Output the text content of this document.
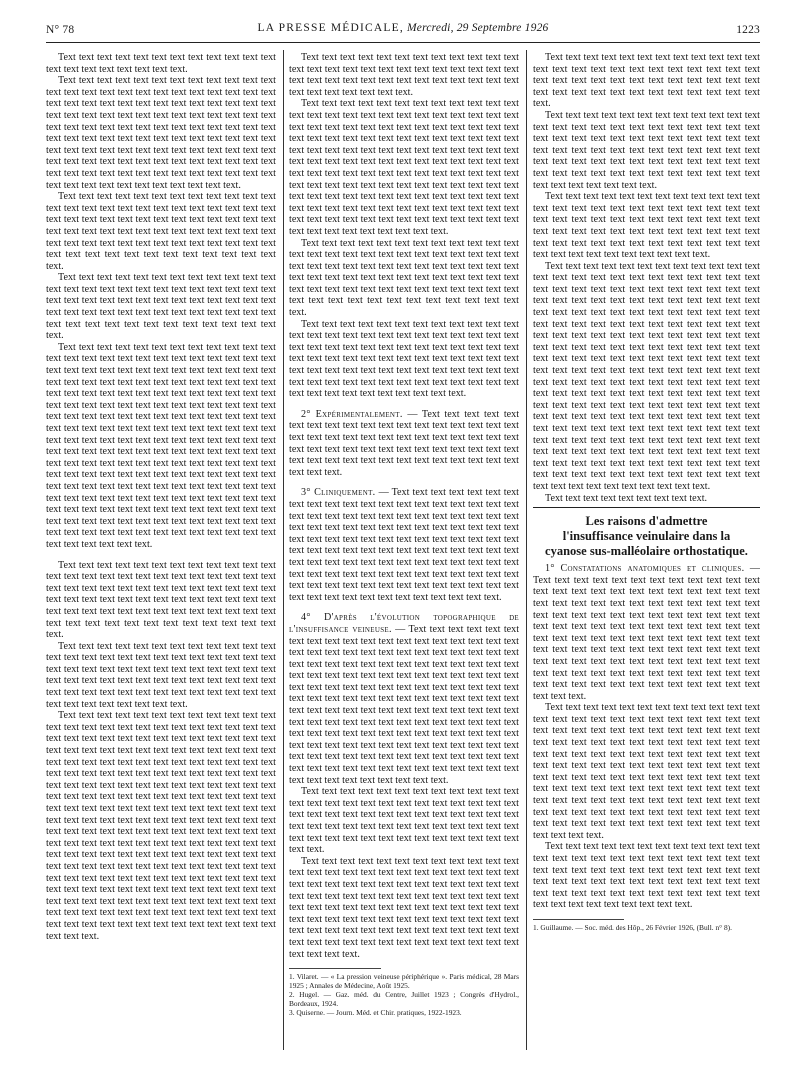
N° 78	LA PRESSE MÉDICALE, Mercredi, 29 Septembre 1926	1223

Text text text text text text text text text text text text text text text text text text text text.

Text text text text text text text text text text text text text text text text text text text text text text text text text text text text text text text text text text text text text text text text text text text text text text text text text text text text text text text text text text text text text text text text text text text text text text text text text text text text text text text text text text text text text text text text text text text text text text text text text text text text text text text text text text text text text text text text text text text text text text text text text text text text text text text.

Text text text text text text text text text text text text text text text text text text text text text text text text text text text text text text text text text text text text text text text text text text text text text text text text text text text text text text text text text text text text text text text text text text text text text text text text text text text text text.

Text text text text text text text text text text text text text text text text text text text text text text text text text text text text text text text text text text text text text text text text text text text text text text text text text text text text text text text text text text text text text text text text.

Text text text text text text text text text text text text text text text text text text text text text text text text text text text text text text text text text text text text text text text text text text text text text text text text text text text text text text text text text text text text text text text text text text text text text text text text text text text text text text text text text text text text text text text text text text text text text text text text text text text text text text text text text text text text text text text text text text text text text text text text text text text text text text text text text text text text text text text text text text text text text text text text text text text text text text text text text text text text text text text text text text text text text text text text text text text text text text text text text text text text text text text text text text text text text text text text text text text text text text text text text text text text text text text text text text text text text text text text text text text text text text text text text text.

Text text text text text text text text text text text text text text text text text text text text text text text text text text text text text text text text text text text text text text text text text text text text text text text text text text text text text text text text text text text text text text text text text text text text text text text text text text text text text.

Text text text text text text text text text text text text text text text text text text text text text text text text text text text text text text text text text text text text text text text text text text text text text text text text text text text text text text text text text text text text text text text text text text text text text text text text.

Text text text text text text text text text text text text text text text text text text text text text text text text text text text text text text text text text text text text text text text text text text text text text text text text text text text text text text text text text text text text text text text text text text text text text text text text text text text text text text text text text text text text text text text text text text text text text text text text text text text text text text text text text text text text text text text text text text text text text text text text text text text text text text text text text text text text text text text text text text text text text text text text text text text text text text text text text text text text text text text text text text text text text text text text text text text text text text text text text text text text text text text text text text text text text text text text text text text text text text text text text text text text text text text text text text text text text text text text text text text text text text text text text text text text text text text text text text text text text text text text text text text text text text text text text.

Text text text text text text text text text text text text text text text text text text text text text text text text text text text text text text text text text text text text text text text text text text text text text.

Text text text text text text text text text text text text text text text text text text text text text text text text text text text text text text text text text text text text text text text text text text text text text text text text text text text text text text text text text text text text text text text text text text text text text text text text text text text text text text text text text text text text text text text text text text text text text text text text text text text text text text text text text text text text text text text text text text text text text text text text text text text text text text text text text text text text text text text text text text text text text text text text text text text text text text text.

Text text text text text text text text text text text text text text text text text text text text text text text text text text text text text text text text text text text text text text text text text text text text text text text text text text text text text text text text text text text text text text text text text text text text text text text text text text text text text.

Text text text text text text text text text text text text text text text text text text text text text text text text text text text text text text text text text text text text text text text text text text text text text text text text text text text text text text text text text text text text text text text text text text text text text text text text text text text text text text text text text text text text text text text.

2° Expérimentalement. — Text text text text text text text text text text text text text text text text text text text text text text text text text text text text text text text text text text text text text text text text text text text text text text text text text text text text text text text text text text text text.

3° Cliniquement. — Text text text text text text text text text text text text text text text text text text text text text text text text text text text text text text text text text text text text text text text text text text text text text text text text text text text text text text text text text text text text text text text text text text text text text text text text text text text text text text text text text text text text text text text text text text text text text text text text text text text text text text text text text text text text text text text text text text text text text text text text text text text.

4° D'après l'évolution topographique de l'insuffisance veineuse. — Text text text text text text text text text text text text text text text text text text text text text text text text text text text text text text text text text text text text text text text text text text text text text text text text text text text text text text text text text text text text text text text text text text text text text text text text text text text text text text text text text text text text text text text text text text text text text text text text text text text text text text text text text text text text text text text text text text text text text text text text text text text text text text text text text text text text text text text text text text text text text text text text text text text text text text text text text text text text text text text text text text text text text text text text text text text.

Text text text text text text text text text text text text text text text text text text text text text text text text text text text text text text text text text text text text text text text text text text text text text text text text text text text text text text text text text text text text text text text text text text.

Text text text text text text text text text text text text text text text text text text text text text text text text text text text text text text text text text text text text text text text text text text text text text text text text text text text text text text text text text text text text text text text text text text text text text text text text text text text text text text text text text text text text text text text text text text text text text text text text text text text text text text text text text text text.

1. Vilaret. — « La pression veineuse périphérique ». Paris médical, 28 Mars 1925 ; Annales de Médecine, Août 1925.

2. Hugel. — Gaz. méd. du Centre, Juillet 1923 ; Congrès d'Hydrol., Bordeaux, 1924.

3. Quiserne. — Journ. Méd. et Chir. pratiques, 1922-1923.

Text text text text text text text text text text text text text text text text text text text text text text text text text text text text text text text text text text text text text text text text text text text text text text text text text.

Text text text text text text text text text text text text text text text text text text text text text text text text text text text text text text text text text text text text text text text text text text text text text text text text text text text text text text text text text text text text text text text text text text text text text text text text text text text text text text text.

Text text text text text text text text text text text text text text text text text text text text text text text text text text text text text text text text text text text text text text text text text text text text text text text text text text text text text text text text text text text text text text text text text text text text text text.

Text text text text text text text text text text text text text text text text text text text text text text text text text text text text text text text text text text text text text text text text text text text text text text text text text text text text text text text text text text text text text text text text text text text text text text text text text text text text text text text text text text text text text text text text text text text text text text text text text text text text text text text text text text text text text text text text text text text text text text text text text text text text text text text text text text text text text text text text text text text text text text text text text text text text text text text text text text text text text text text text text text text text text text text text text text text text text text text text text text text text text text text text text text text text text text text text text text text text text text text text text text text text text text text text text text text text text text text text text text text text text text text text text text text text text text text text text text text text text text.

Text text text text text text text text text.

Les raisons d'admettre
l'insuffisance veinulaire dans la
cyanose sus-malléolaire orthostatique.

1° Constatations anatomiques et cliniques. — Text text text text text text text text text text text text text text text text text text text text text text text text text text text text text text text text text text text text text text text text text text text text text text text text text text text text text text text text text text text text text text text text text text text text text text text text text text text text text text text text text text text text text text text text text text text text text text text text text text text text text text text text text text text text text text text text text text text text text text text text text text text.

Text text text text text text text text text text text text text text text text text text text text text text text text text text text text text text text text text text text text text text text text text text text text text text text text text text text text text text text text text text text text text text text text text text text text text text text text text text text text text text text text text text text text text text text text text text text text text text text text text text text text text text text text text text text text text text text text text text text text text text text text text text text text text text text text text text text text text text text text.

Text text text text text text text text text text text text text text text text text text text text text text text text text text text text text text text text text text text text text text text text text text text text text text text text text text text text text text text text text text text text text text text text text text text text text.

1. Guillaume. — Soc. méd. des Hôp., 26 Février 1926, (Bull. n° 8).
